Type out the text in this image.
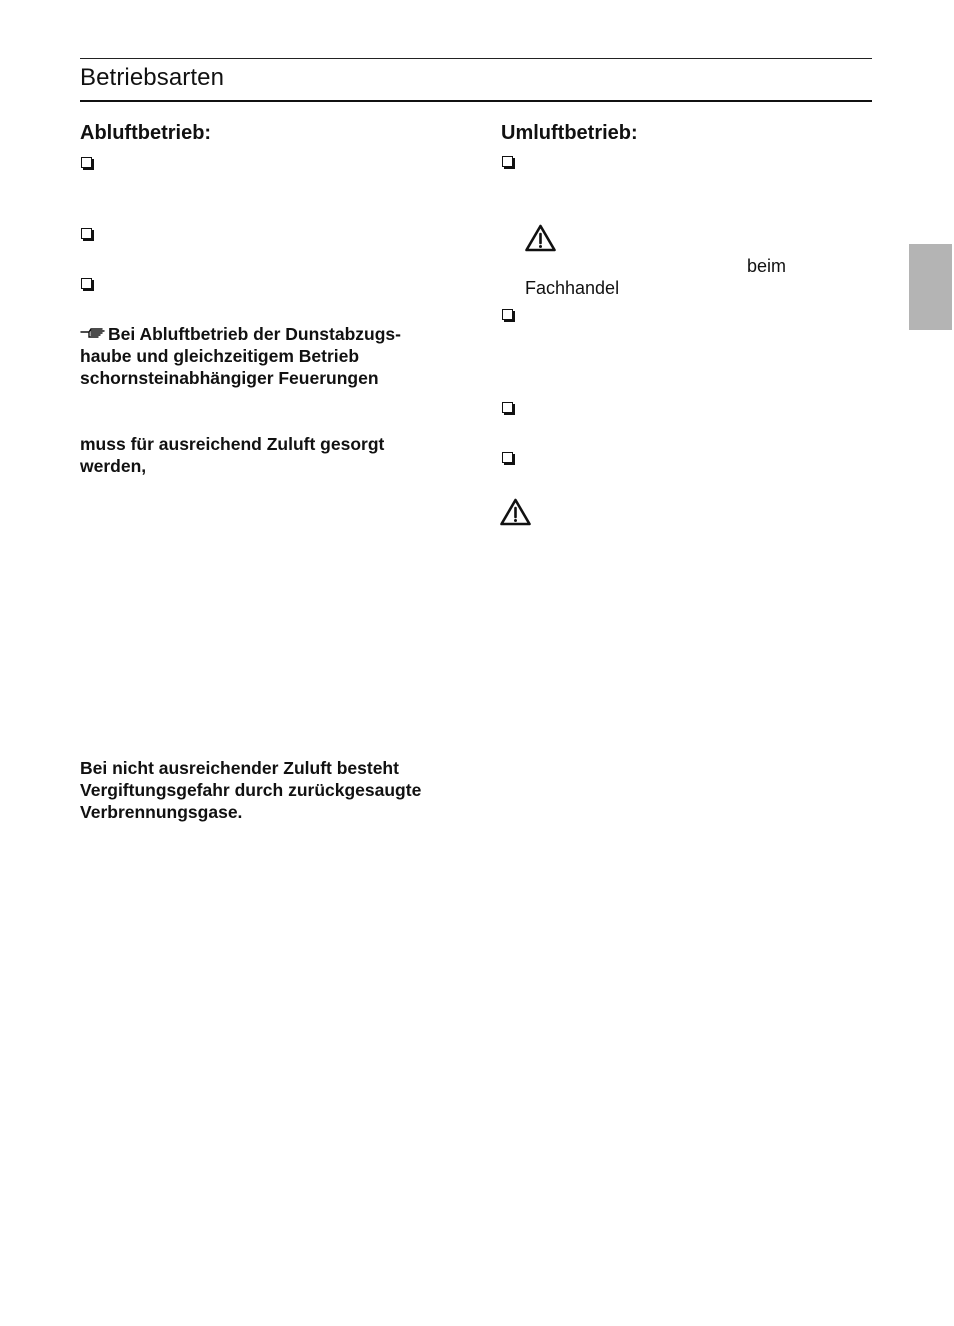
Betriebsarten
Abluftbetrieb:
Bei Abluftbetrieb der Dunstabzugs-
haube und gleichzeitigem Betrieb
schornsteinabhängiger Feuerungen
muss für ausreichend Zuluft gesorgt
werden,
Bei nicht ausreichender Zuluft besteht
Vergiftungsgefahr durch zurückgesaugte
Verbrennungsgase.
Umluftbetrieb:
beim
Fachhandel
